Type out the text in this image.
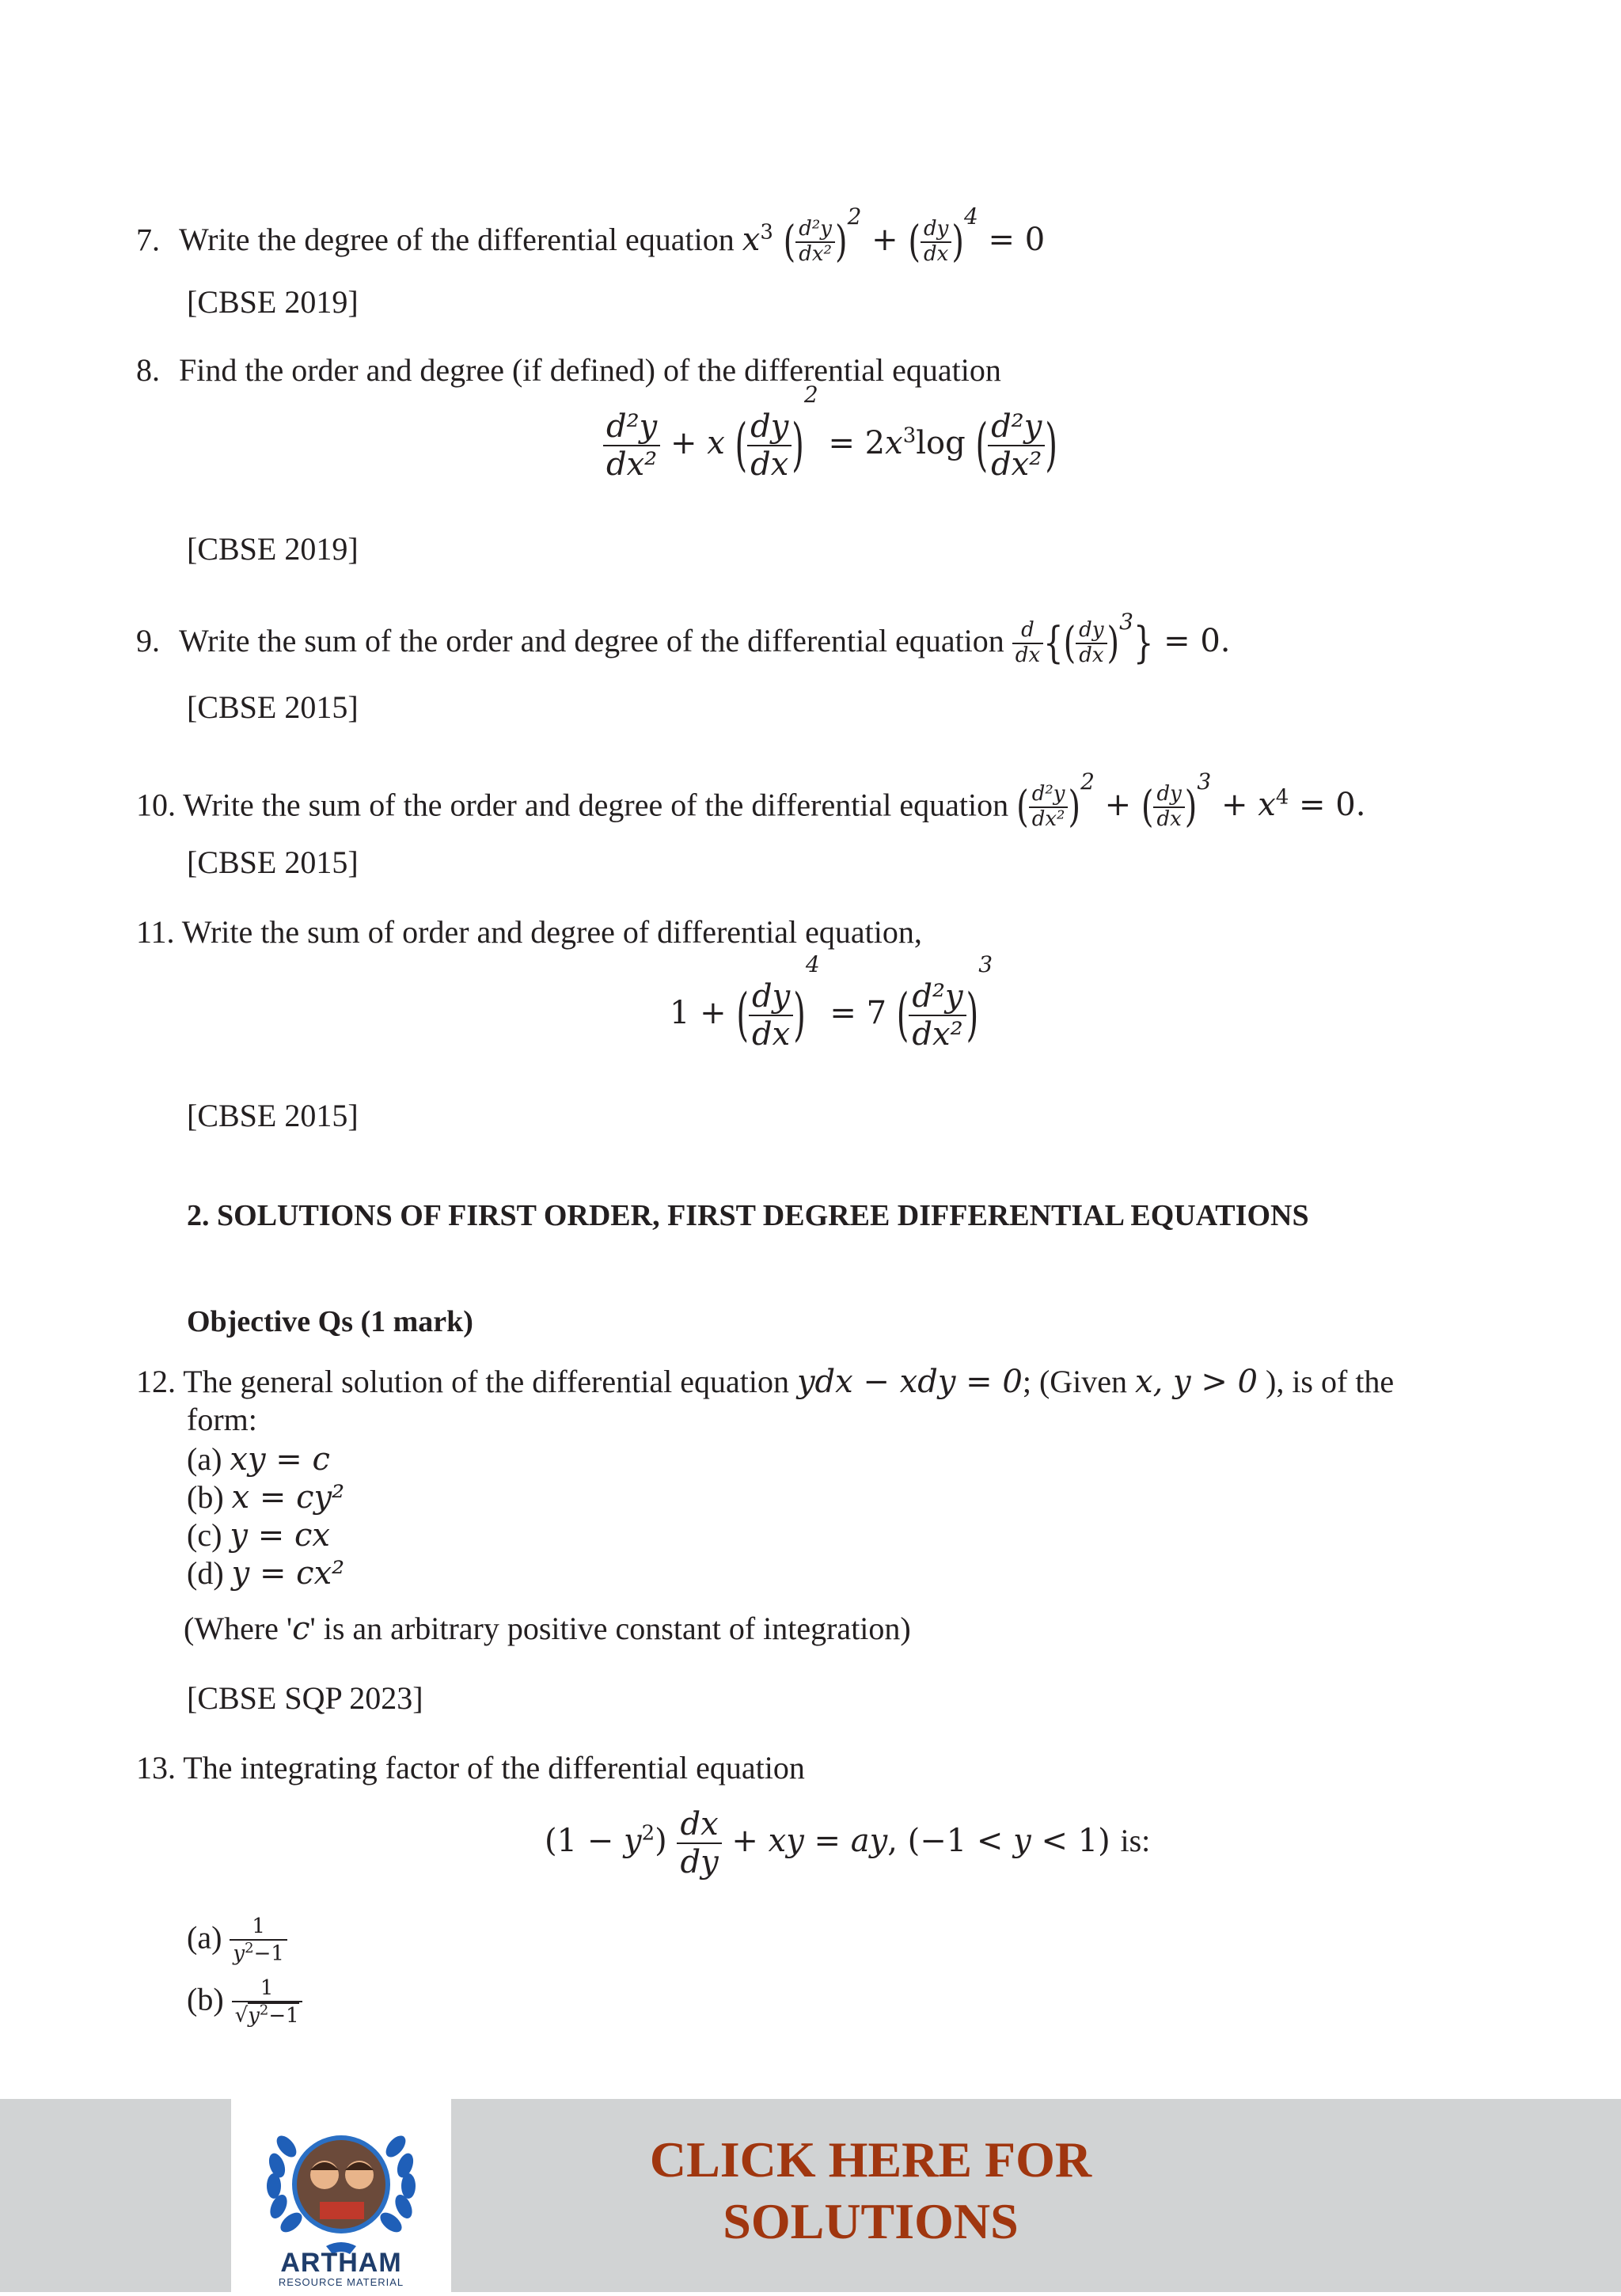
7. Write the degree of the differential equation $x^3$ ( $\frac{\text{d²y}}{\text{dx²}} )^2$ + ( $\frac{dy}{dx} )^4 = 0$
[CBSE 2019]
8. Find the order and degree (if defined) of the differential equation
$\frac{\text{d²y}}{\text{dx²}} + x$ ( $\frac{dy}{dx} )^2 = 2x^3\log$ ( $\frac{\text{d²y}}{\text{dx²}}$ )
[CBSE 2019]
9. Write the sum of the order and degree of the differential equation $\frac{d}{dx}$ {( $\frac{dy}{dx} )^3\} = 0$.
[CBSE 2015]
10. Write the sum of the order and degree of the differential equation ( $\frac{\text{d²y}}{\text{dx²}} )^2$ + ( $\frac{dy}{dx} )^3 + x^4 = 0$.
[CBSE 2015]
11. Write the sum of order and degree of differential equation,
1 + ( $\frac{dy}{dx} )^4 = 7$ ( $\frac{\text{d²y}}{\text{dx²}} )^3$
[CBSE 2015]
2. SOLUTIONS OF FIRST ORDER, FIRST DEGREE DIFFERENTIAL EQUATIONS
Objective Qs (1 mark)
12. The general solution of the differential equation ydx − xdy = 0; (Given x, y > 0 ), is of the
form:
(a) xy = c
(b) x = cy²
(c) y = cx
(d) y = cx²
(Where 'c' is an arbitrary positive constant of integration)
[CBSE SQP 2023]
13. The integrating factor of the differential equation
$(1 - y^2) \frac{dx}{dy}$ + xy = ay, (−1 < y < 1) is:
$(a) \frac{1}{y^2-1}$
$(b) \frac{1}{√y^2-1}$
ARTHAM
RESOURCE MATERIAL
CLICK HERE FOR
SOLUTIONS
